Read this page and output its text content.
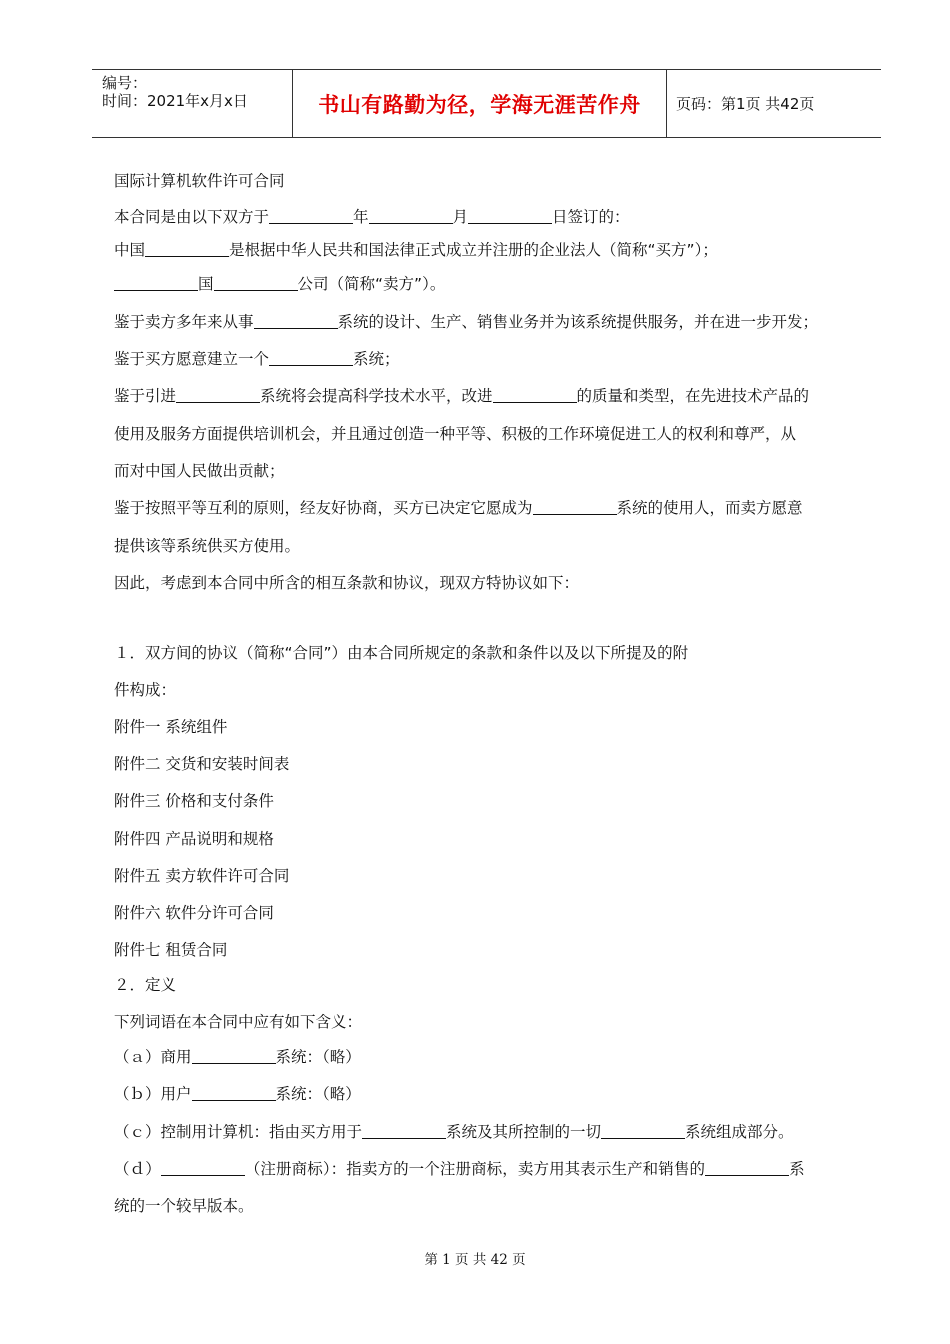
编号：
时间：2021年x月x日	书山有路勤为径，学海无涯苦作舟 页码：第1页 共42页
国际计算机软件许可合同
本合同是由以下双方于	年	月	日签订的：
中国	是根据中华人民共和国法律正式成立并注册的企业法人（简称“买方”）；
国	公司（简称“卖方”）。
鉴于卖方多年来从事	系统的设计、生产、销售业务并为该系统提供服务，并在进一步开发；
鉴于买方愿意建立一个	系统；
鉴于引进	系统将会提高科学技术水平，改进	的质量和类型，在先进技术产品的
使用及服务方面提供培训机会，并且通过创造一种平等、积极的工作环境促进工人的权利和尊严，从
而对中国人民做出贡献；
鉴于按照平等互利的原则，经友好协商，买方已决定它愿成为	系统的使用人，而卖方愿意
提供该等系统供买方使用。
因此，考虑到本合同中所含的相互条款和协议，现双方特协议如下：
１．双方间的协议（简称“合同”）由本合同所规定的条款和条件以及以下所提及的附
件构成：
附件一 系统组件
附件二 交货和安装时间表
附件三 价格和支付条件
附件四 产品说明和规格
附件五 卖方软件许可合同
附件六 软件分许可合同
附件七 租赁合同
２．定义
下列词语在本合同中应有如下含义：
（ａ）商用	系统：（略）
（ｂ）用户	系统：（略）
（ｃ）控制用计算机：指由买方用于	系统及其所控制的一切	系统组成部分。
（ｄ）	（注册商标）：指卖方的一个注册商标，卖方用其表示生产和销售的	系
统的一个较早版本。
第 1 页 共 42 页
